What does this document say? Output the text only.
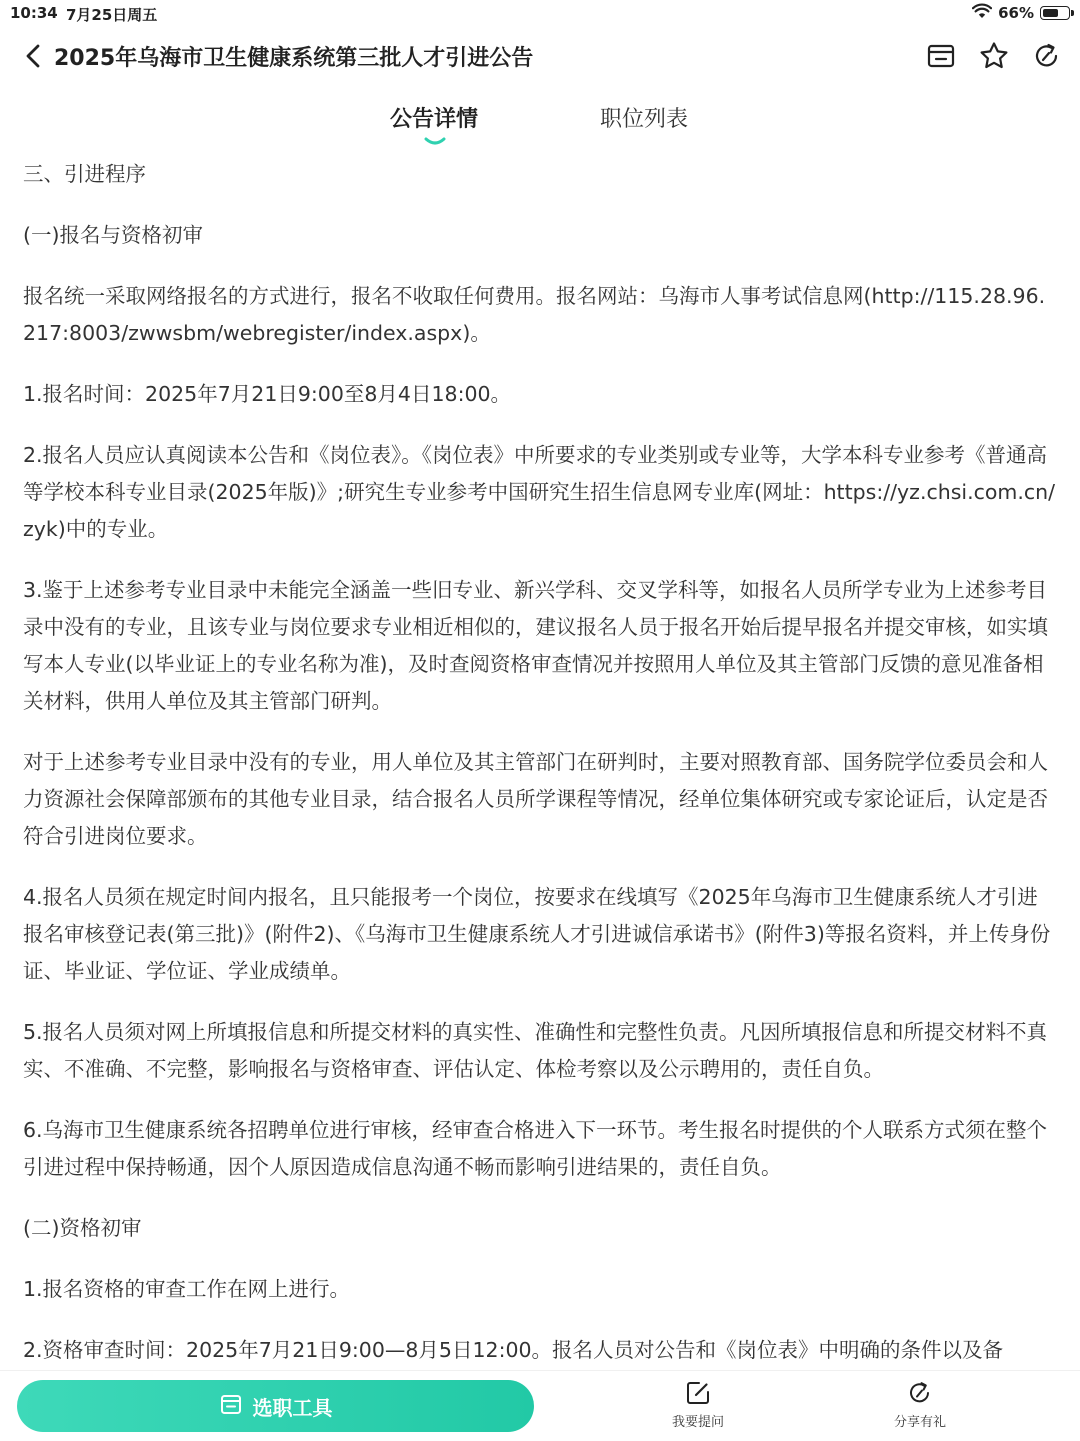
10:34 7月25日周五	66%
2025年乌海市卫生健康系统第三批人才引进公告
公告详情	职位列表

三、引进程序

(一)报名与资格初审

报名统一采取网络报名的方式进行，报名不收取任何费用。报名网站：乌海市人事考试信息网(http://115.28.96.217:8003/zwwsbm/webregister/index.aspx)。

1.报名时间：2025年7月21日9:00至8月4日18:00。

2.报名人员应认真阅读本公告和《岗位表》。《岗位表》中所要求的专业类别或专业等，大学本科专业参考《普通高等学校本科专业目录(2025年版)》;研究生专业参考中国研究生招生信息网专业库(网址：https://yz.chsi.com.cn/zyk)中的专业。

3.鉴于上述参考专业目录中未能完全涵盖一些旧专业、新兴学科、交叉学科等，如报名人员所学专业为上述参考目录中没有的专业，且该专业与岗位要求专业相近相似的，建议报名人员于报名开始后提早报名并提交审核，如实填写本人专业(以毕业证上的专业名称为准)，及时查阅资格审查情况并按照用人单位及其主管部门反馈的意见准备相关材料，供用人单位及其主管部门研判。

对于上述参考专业目录中没有的专业，用人单位及其主管部门在研判时，主要对照教育部、国务院学位委员会和人力资源社会保障部颁布的其他专业目录，结合报名人员所学课程等情况，经单位集体研究或专家论证后，认定是否符合引进岗位要求。

4.报名人员须在规定时间内报名，且只能报考一个岗位，按要求在线填写《2025年乌海市卫生健康系统人才引进报名审核登记表(第三批)》(附件2)、《乌海市卫生健康系统人才引进诚信承诺书》(附件3)等报名资料，并上传身份证、毕业证、学位证、学业成绩单。

5.报名人员须对网上所填报信息和所提交材料的真实性、准确性和完整性负责。凡因所填报信息和所提交材料不真实、不准确、不完整，影响报名与资格审查、评估认定、体检考察以及公示聘用的，责任自负。

6.乌海市卫生健康系统各招聘单位进行审核，经审查合格进入下一环节。考生报名时提供的个人联系方式须在整个引进过程中保持畅通，因个人原因造成信息沟通不畅而影响引进结果的，责任自负。

(二)资格初审

1.报名资格的审查工作在网上进行。

2.资格审查时间：2025年7月21日9:00—8月5日12:00。报名人员对公告和《岗位表》中明确的条件以及备

选职工具
我要提问	分享有礼
